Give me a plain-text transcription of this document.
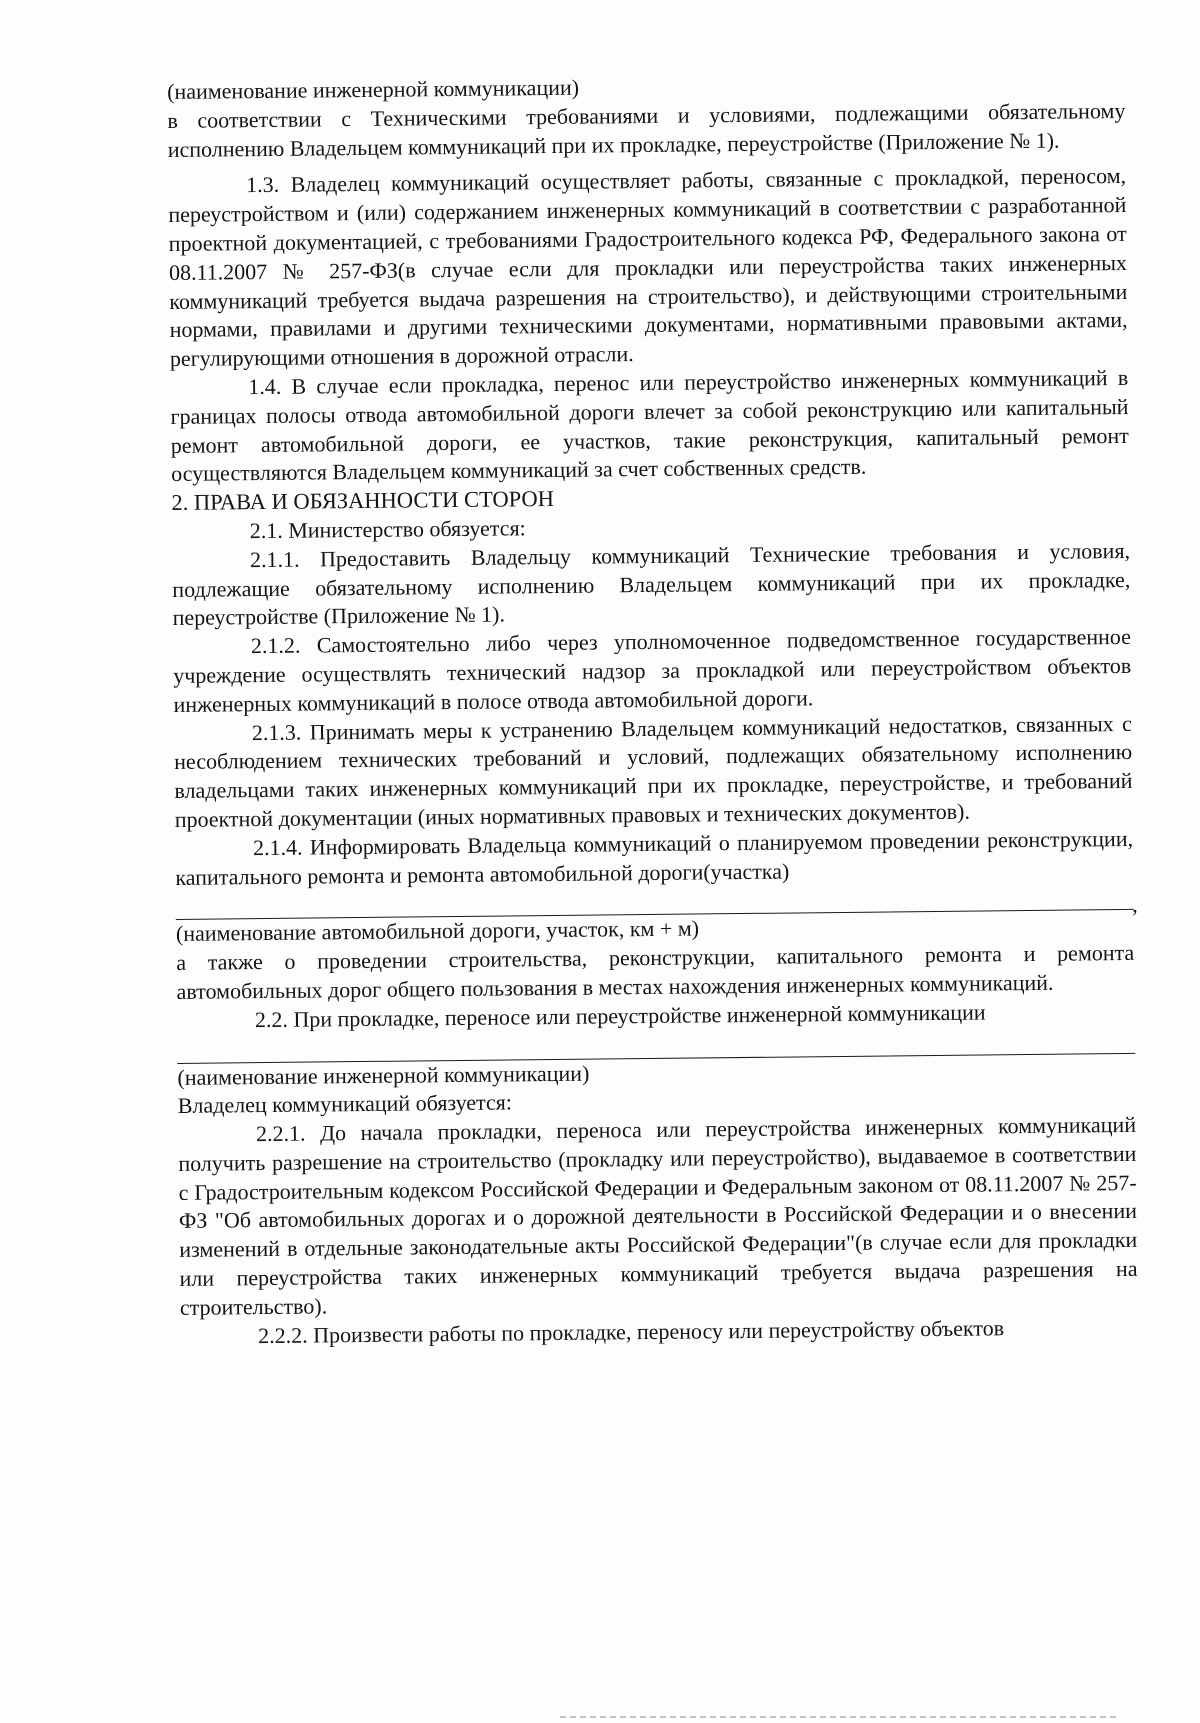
(наименование инженерной коммуникации)

в соответствии с Техническими требованиями и условиями, подлежащими обязательному исполнению Владельцем коммуникаций при их прокладке, переустройстве (Приложение № 1).

1.3. Владелец коммуникаций осуществляет работы, связанные с прокладкой, переносом, переустройством и (или) содержанием инженерных коммуникаций в соответствии с разработанной проектной документацией, с требованиями Градостроительного кодекса РФ, Федерального закона от 08.11.2007 № 257-ФЗ(в случае если для прокладки или переустройства таких инженерных коммуникаций требуется выдача разрешения на строительство), и действующими строительными нормами, правилами и другими техническими документами, нормативными правовыми актами, регулирующими отношения в дорожной отрасли.

1.4. В случае если прокладка, перенос или переустройство инженерных коммуникаций в границах полосы отвода автомобильной дороги влечет за собой реконструкцию или капитальный ремонт автомобильной дороги, ее участков, такие реконструкция, капитальный ремонт осуществляются Владельцем коммуникаций за счет собственных средств.

2. ПРАВА И ОБЯЗАННОСТИ СТОРОН

2.1. Министерство обязуется:

2.1.1. Предоставить Владельцу коммуникаций Технические требования и условия, подлежащие обязательному исполнению Владельцем коммуникаций при их прокладке, переустройстве (Приложение № 1).

2.1.2. Самостоятельно либо через уполномоченное подведомственное государственное учреждение осуществлять технический надзор за прокладкой или переустройством объектов инженерных коммуникаций в полосе отвода автомобильной дороги.

2.1.3. Принимать меры к устранению Владельцем коммуникаций недостатков, связанных с несоблюдением технических требований и условий, подлежащих обязательному исполнению владельцами таких инженерных коммуникаций при их прокладке, переустройстве, и требований проектной документации (иных нормативных правовых и технических документов).

2.1.4. Информировать Владельца коммуникаций о планируемом проведении реконструкции, капитального ремонта и ремонта автомобильной дороги(участка)

,

(наименование автомобильной дороги, участок, км + м)

а также о проведении строительства, реконструкции, капитального ремонта и ремонта автомобильных дорог общего пользования в местах нахождения инженерных коммуникаций.

2.2. При прокладке, переносе или переустройстве инженерной коммуникации

(наименование инженерной коммуникации)

Владелец коммуникаций обязуется:

2.2.1. До начала прокладки, переноса или переустройства инженерных коммуникаций получить разрешение на строительство (прокладку или переустройство), выдаваемое в соответствии с Градостроительным кодексом Российской Федерации и Федеральным законом от 08.11.2007 № 257-ФЗ "Об автомобильных дорогах и о дорожной деятельности в Российской Федерации и о внесении изменений в отдельные законодательные акты Российской Федерации"(в случае если для прокладки или переустройства таких инженерных коммуникаций требуется выдача разрешения на строительство).

2.2.2. Произвести работы по прокладке, переносу или переустройству объектов
